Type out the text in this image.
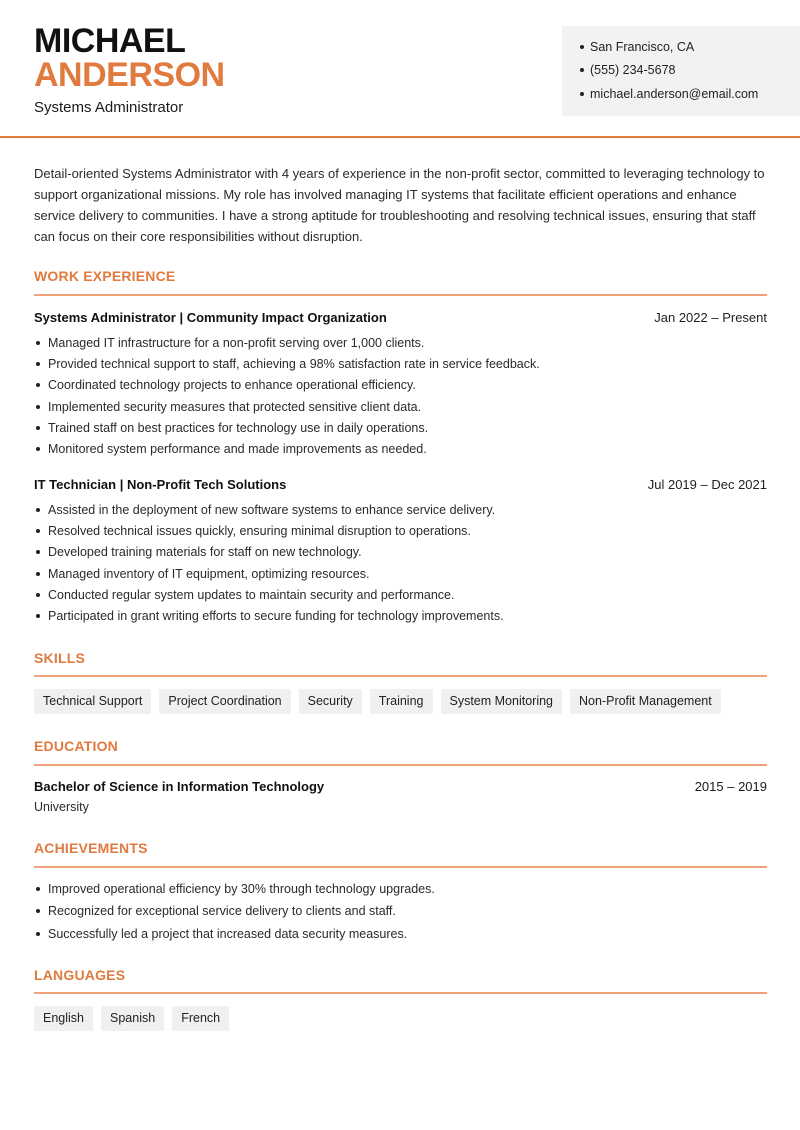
MICHAEL
ANDERSON
Systems Administrator
San Francisco, CA
(555) 234-5678
michael.anderson@email.com

Detail-oriented Systems Administrator with 4 years of experience in the non-profit sector, committed to leveraging technology to support organizational missions. My role has involved managing IT systems that facilitate efficient operations and enhance service delivery to communities. I have a strong aptitude for troubleshooting and resolving technical issues, ensuring that staff can focus on their core responsibilities without disruption.

WORK EXPERIENCE
Systems Administrator | Community Impact Organization	Jan 2022 – Present
Managed IT infrastructure for a non-profit serving over 1,000 clients.
Provided technical support to staff, achieving a 98% satisfaction rate in service feedback.
Coordinated technology projects to enhance operational efficiency.
Implemented security measures that protected sensitive client data.
Trained staff on best practices for technology use in daily operations.
Monitored system performance and made improvements as needed.
IT Technician | Non-Profit Tech Solutions	Jul 2019 – Dec 2021
Assisted in the deployment of new software systems to enhance service delivery.
Resolved technical issues quickly, ensuring minimal disruption to operations.
Developed training materials for staff on new technology.
Managed inventory of IT equipment, optimizing resources.
Conducted regular system updates to maintain security and performance.
Participated in grant writing efforts to secure funding for technology improvements.
SKILLS
Technical Support	Project Coordination	Security	Training	System Monitoring	Non-Profit Management
EDUCATION
Bachelor of Science in Information Technology	2015 – 2019
University
ACHIEVEMENTS
Improved operational efficiency by 30% through technology upgrades.
Recognized for exceptional service delivery to clients and staff.
Successfully led a project that increased data security measures.
LANGUAGES
English	Spanish	French
